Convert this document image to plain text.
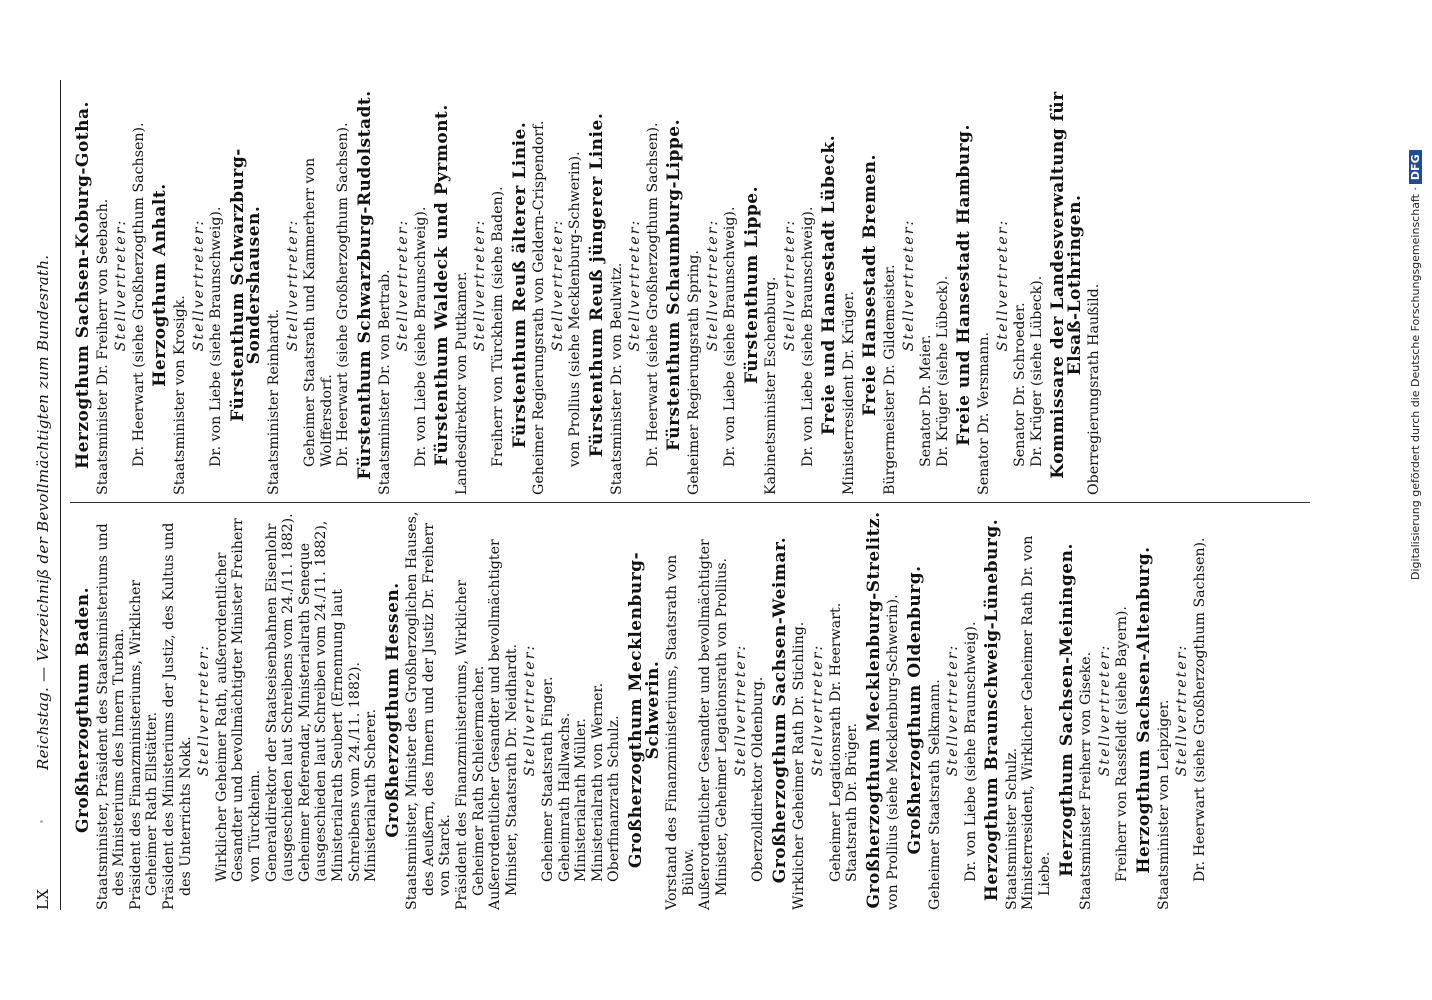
LX
Reichstag. — Verzeichniß der Bevollmächtigten zum Bundesrath. Großherzogthum Baden. Staatsminister, Präsident des Staatsministeriums und des Ministeriums des Innern Turban. Präsident des Finanzministeriums, Wirklicher Geheimer Rath Ellstätter. Präsident des Ministeriums der Justiz, des Kultus und des Unterrichts Nokk.

Stellvertreter: Wirklicher Geheimer Rath, außerordentlicher Gesandter und bevollmächtigter Minister Freiherr von Türckheim. Generaldirektor der Staatseisenbahnen Eisenlohr (ausgeschieden laut Schreibens vom 24./11. 1882). Geheimer Referendar, Ministerialrath Seneque (ausgeschieden laut Schreiben vom 24./11. 1882), Ministerialrath Seubert (Ernennung laut Schreibens vom 24./11. 1882). Ministerialrath Scherer. Großherzogthum Hessen. Staatsminister, Minister des Großherzoglichen Hauses, des Aeußern, des Innern und der Justiz Dr. Freiherr von Starck. Präsident des Finanzministeriums, Wirklicher Geheimer Rath Schleiermacher. Außerordentlicher Gesandter und bevollmächtigter Minister, Staatsrath Dr. Neidhardt. Stellvertreter: Geheimer Staatsrath Finger. Geheimrath Hallwachs. Ministerialrath Müller. Ministerialrath von Werner. Oberfinanzrath Schulz. Großherzogthum Mecklenburg-Schwerin. Vorstand des Finanzministeriums, Staatsrath von Bülow. Außerordentlicher Gesandter und bevollmächtigter Minister, Geheimer Legationsrath von Prollius. Stellvertreter: Oberzolldirektor Oldenburg. Großherzogthum Sachsen-Weimar. Wirklicher Geheimer Rath Dr. Stichling. Stellvertreter: Geheimer Legationsrath Dr. Heerwart. Staatsrath Dr. Brüger. Großherzogthum Mecklenburg-Strelitz. von Prollius (siehe Mecklenburg-Schwerin). Großherzogthum Oldenburg. Geheimer Staatsrath Selkmann. Stellvertreter: Dr. von Liebe (siehe Braunschweig). Herzogthum Braunschweig-Lüneburg. Staatsminister Schulz. Ministerresident, Wirklicher Geheimer Rath Dr. von Liebe. Herzogthum Sachsen-Meiningen. Staatsminister Freiherr von Giseke. Stellvertreter: Freiherr von Rassfeldt (siehe Bayern). Herzogthum Sachsen-Altenburg. Staatsminister von Leipziger. Stellvertreter: Dr. Heerwart (siehe Großherzogthum Sachsen).

Herzogthum Sachsen-Koburg-Gotha. Staatsminister Dr. Freiherr von Seebach. Stellvertreter: Dr. Heerwart (siehe Großherzogthum Sachsen). Herzogthum Anhalt.

Staatsminister von Krosigk.

Stellvertreter: Dr. von Liebe (siehe Braunschweig). Fürstenthum Schwarzburg-Sondershausen.

Staatsminister Reinhardt.

Stellvertreter: Geheimer Staatsrath und Kammerherr von Wolffersdorf. Dr. Heerwart (siehe Großherzogthum Sachsen). Fürstenthum Schwarzburg-Rudolstadt. Staatsminister Dr. von Bertrab. Stellvertreter: Dr. von Liebe (siehe Braunschweig). Fürstenthum Waldeck und Pyrmont. Landesdirektor von Puttkamer. Stellvertreter: Freiherr von Türckheim (siehe Baden). Fürstenthum Reuß älterer Linie. Geheimer Regierungsrath von Geldern-Crispendorf. Stellvertreter: von Prollius (siehe Mecklenburg-Schwerin). Fürstenthum Reuß jüngerer Linie. Staatsminister Dr. von Beulwitz. Stellvertreter: Dr. Heerwart (siehe Großherzogthum Sachsen). Fürstenthum Schaumburg-Lippe. Geheimer Regierungsrath Spring. Stellvertreter: Dr. von Liebe (siehe Braunschweig). Fürstenthum Lippe. Kabinetsminister Eschenburg. Stellvertreter: Dr. von Liebe (siehe Braunschweig). Freie und Hansestadt Lübeck. Ministerresident Dr. Krüger. Freie Hansestadt Bremen. Bürgermeister Dr. Gildemeister. Stellvertreter:

Senator Dr. Meier. Dr. Krüger (siehe Lübeck). Freie und Hansestadt Hamburg. Senator Dr. Versmann.

Stellvertreter:

Senator Dr. Schroeder. Dr. Krüger (siehe Lübeck). Kommissare der Landesverwaltung für Elsaß-Lothringen. Oberregierungsrath Haußild.	Digitalisierung gefördert durch die Deutsche Forschungsgemeinschaft ·DFG
